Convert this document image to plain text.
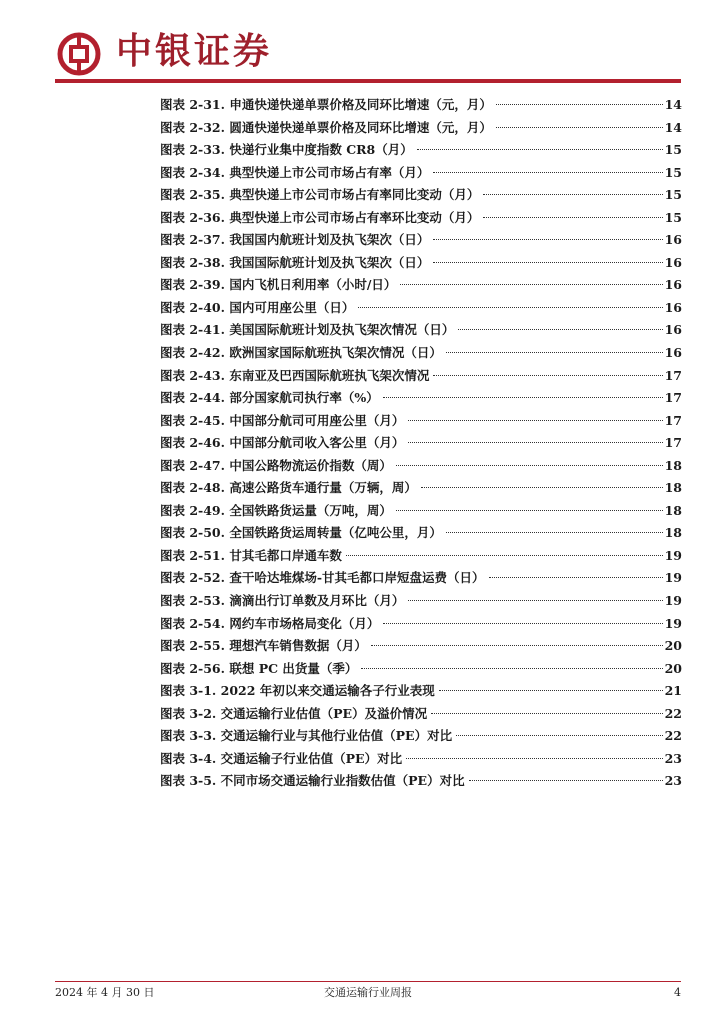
中银证券
图表 2-31. 申通快递快递单票价格及同环比增速（元，月）	14
图表 2-32. 圆通快递快递单票价格及同环比增速（元，月）	14
图表 2-33. 快递行业集中度指数 CR8（月）	15
图表 2-34. 典型快递上市公司市场占有率（月）	15
图表 2-35. 典型快递上市公司市场占有率同比变动（月）	15
图表 2-36. 典型快递上市公司市场占有率环比变动（月）	15
图表 2-37. 我国国内航班计划及执飞架次（日）	16
图表 2-38. 我国国际航班计划及执飞架次（日）	16
图表 2-39. 国内飞机日利用率（小时/日）	16
图表 2-40. 国内可用座公里（日）	16
图表 2-41. 美国国际航班计划及执飞架次情况（日）	16
图表 2-42. 欧洲国家国际航班执飞架次情况（日）	16
图表 2-43. 东南亚及巴西国际航班执飞架次情况	17
图表 2-44. 部分国家航司执行率（%）	17
图表 2-45. 中国部分航司可用座公里（月）	17
图表 2-46. 中国部分航司收入客公里（月）	17
图表 2-47. 中国公路物流运价指数（周）	18
图表 2-48. 高速公路货车通行量（万辆，周）	18
图表 2-49. 全国铁路货运量（万吨，周）	18
图表 2-50. 全国铁路货运周转量（亿吨公里，月）	18
图表 2-51. 甘其毛都口岸通车数	19
图表 2-52. 查干哈达堆煤场-甘其毛都口岸短盘运费（日）	19
图表 2-53. 滴滴出行订单数及月环比（月）	19
图表 2-54. 网约车市场格局变化（月）	19
图表 2-55. 理想汽车销售数据（月）	20
图表 2-56. 联想 PC 出货量（季）	20
图表 3-1. 2022 年初以来交通运输各子行业表现	21
图表 3-2. 交通运输行业估值（PE）及溢价情况	22
图表 3-3. 交通运输行业与其他行业估值（PE）对比	22
图表 3-4. 交通运输子行业估值（PE）对比	23
图表 3-5. 不同市场交通运输行业指数估值（PE）对比	23
2024 年 4 月 30 日	交通运输行业周报	4
